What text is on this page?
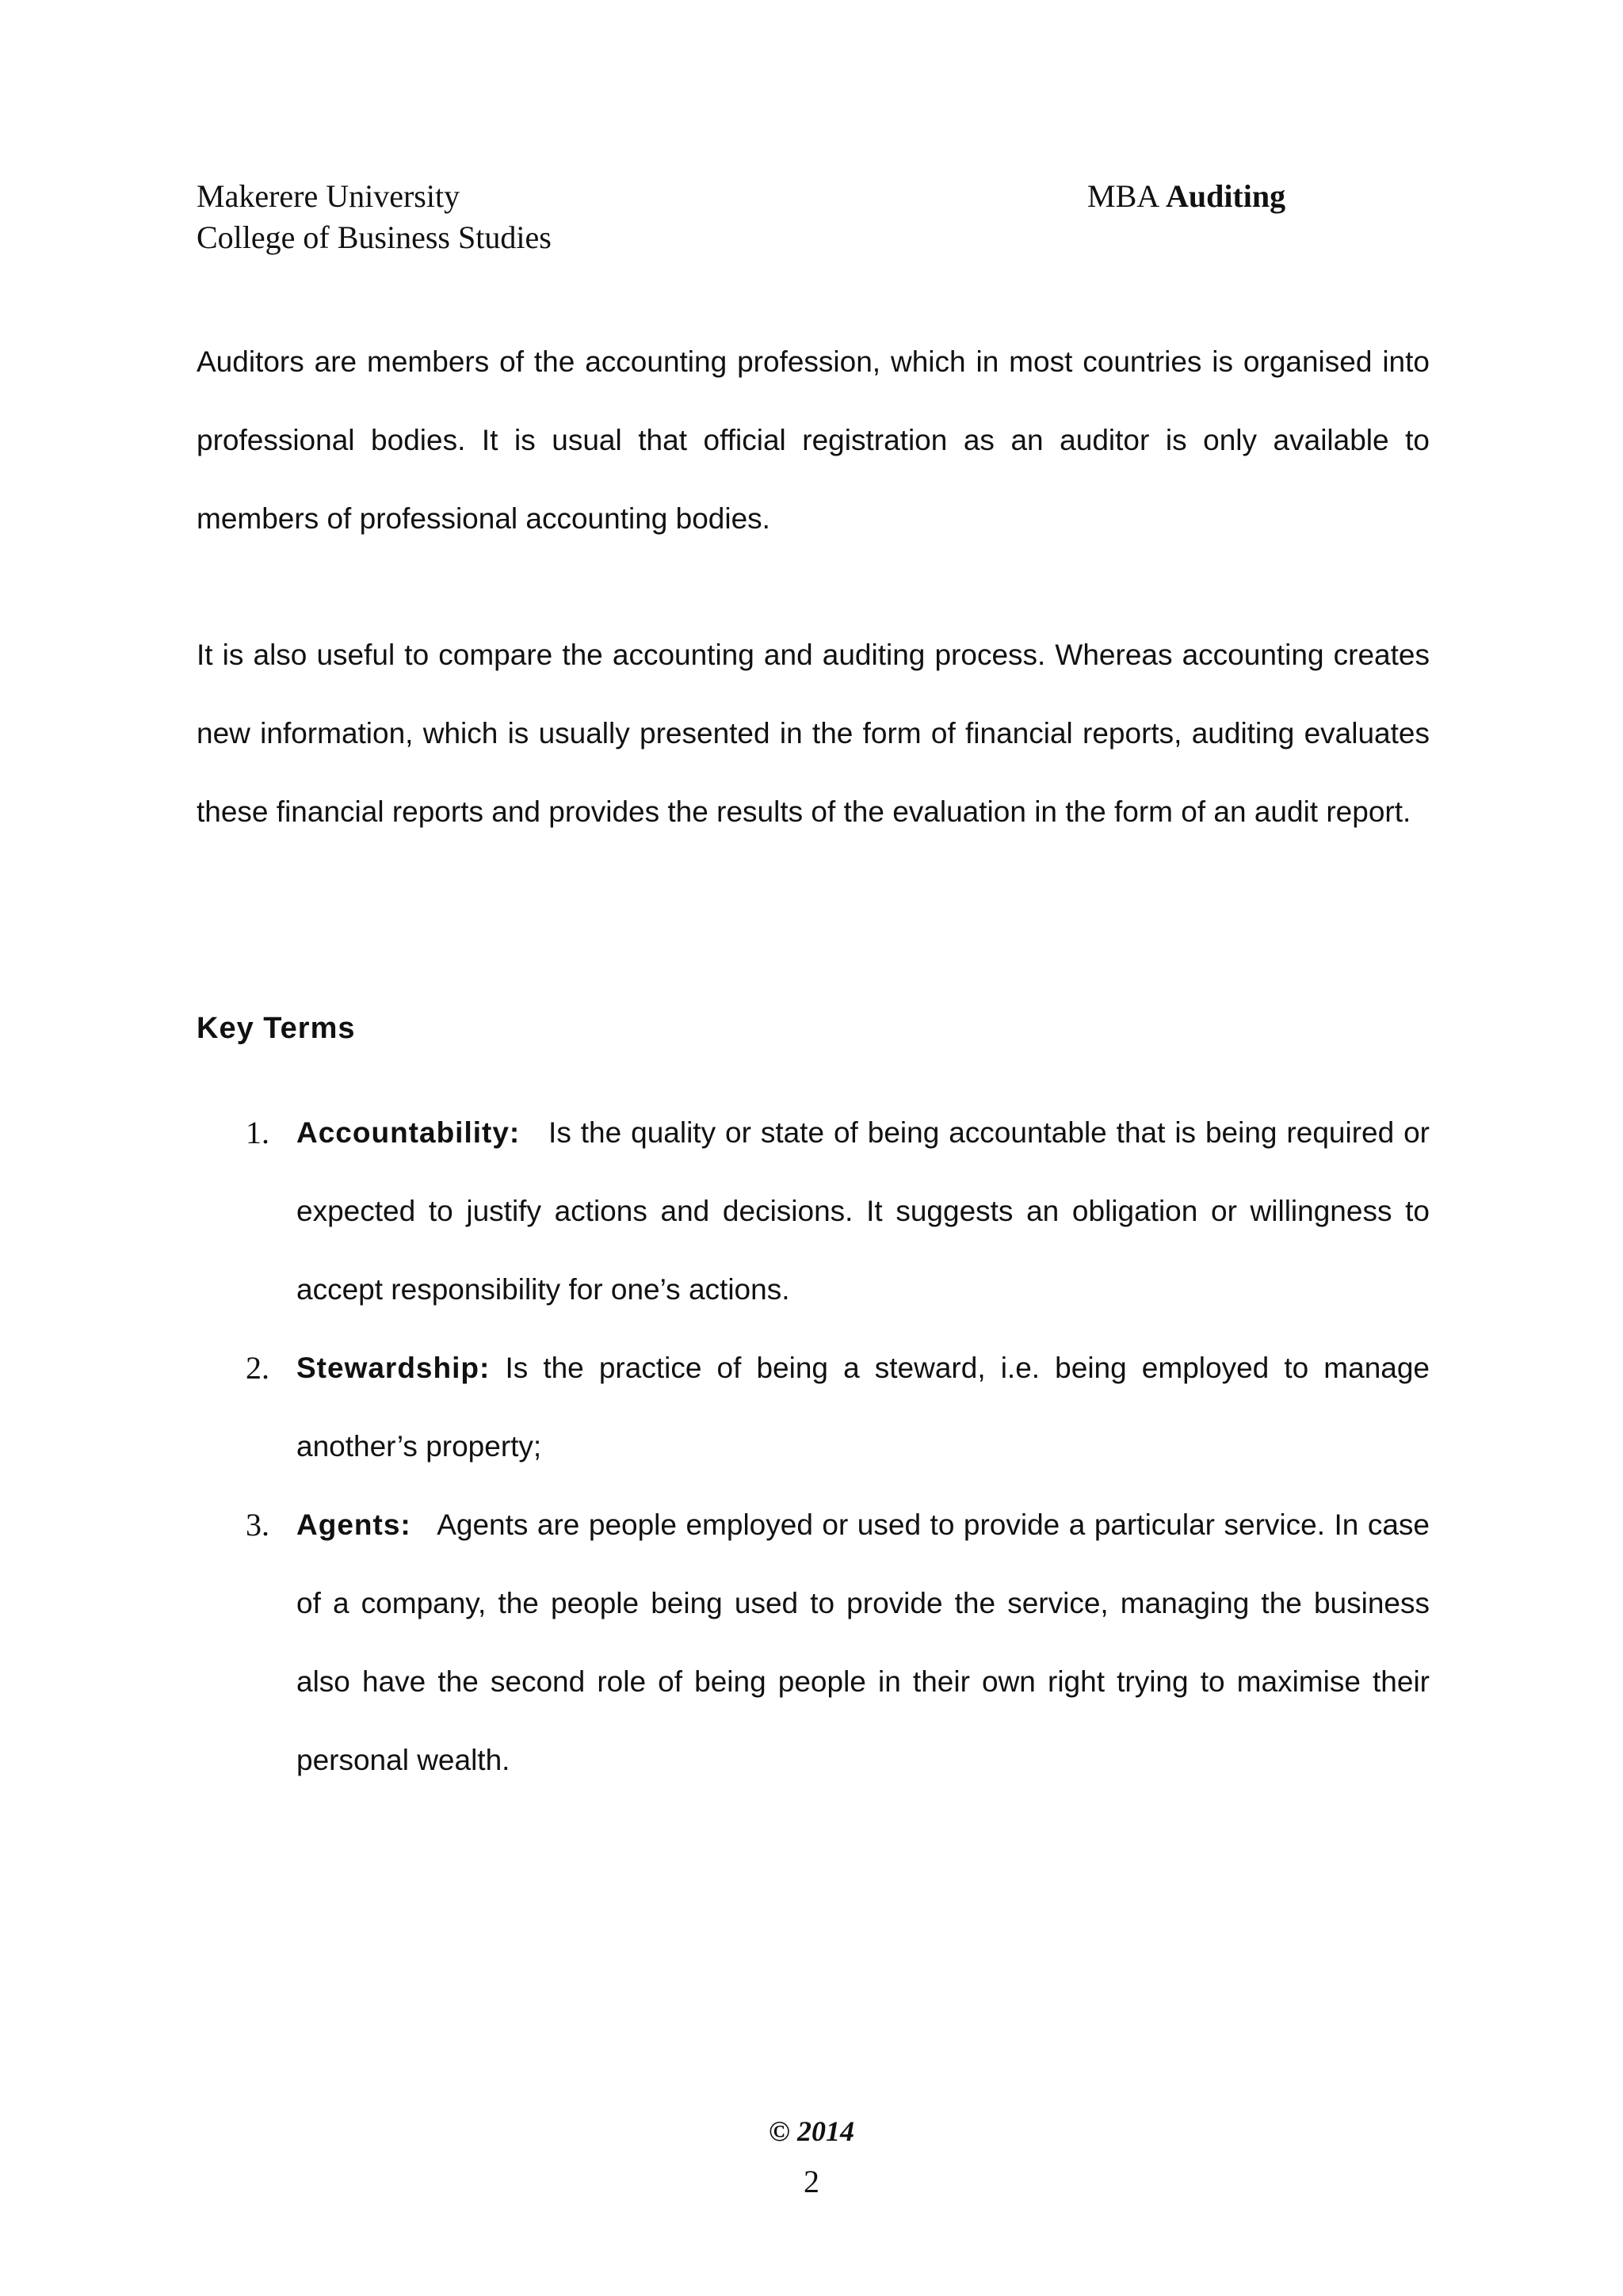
Makerere University	MBA Auditing
College of Business Studies

Auditors are members of the accounting profession, which in most countries is organised into professional bodies. It is usual that official registration as an auditor is only available to members of professional accounting bodies.

It is also useful to compare the accounting and auditing process. Whereas accounting creates new information, which is usually presented in the form of financial reports, auditing evaluates these financial reports and provides the results of the evaluation in the form of an audit report.

Key Terms
1. Accountability: Is the quality or state of being accountable that is being required or expected to justify actions and decisions. It suggests an obligation or willingness to accept responsibility for one’s actions.
2. Stewardship: Is the practice of being a steward, i.e. being employed to manage another’s property;
3. Agents: Agents are people employed or used to provide a particular service. In case of a company, the people being used to provide the service, managing the business also have the second role of being people in their own right trying to maximise their personal wealth.
© 2014
2
